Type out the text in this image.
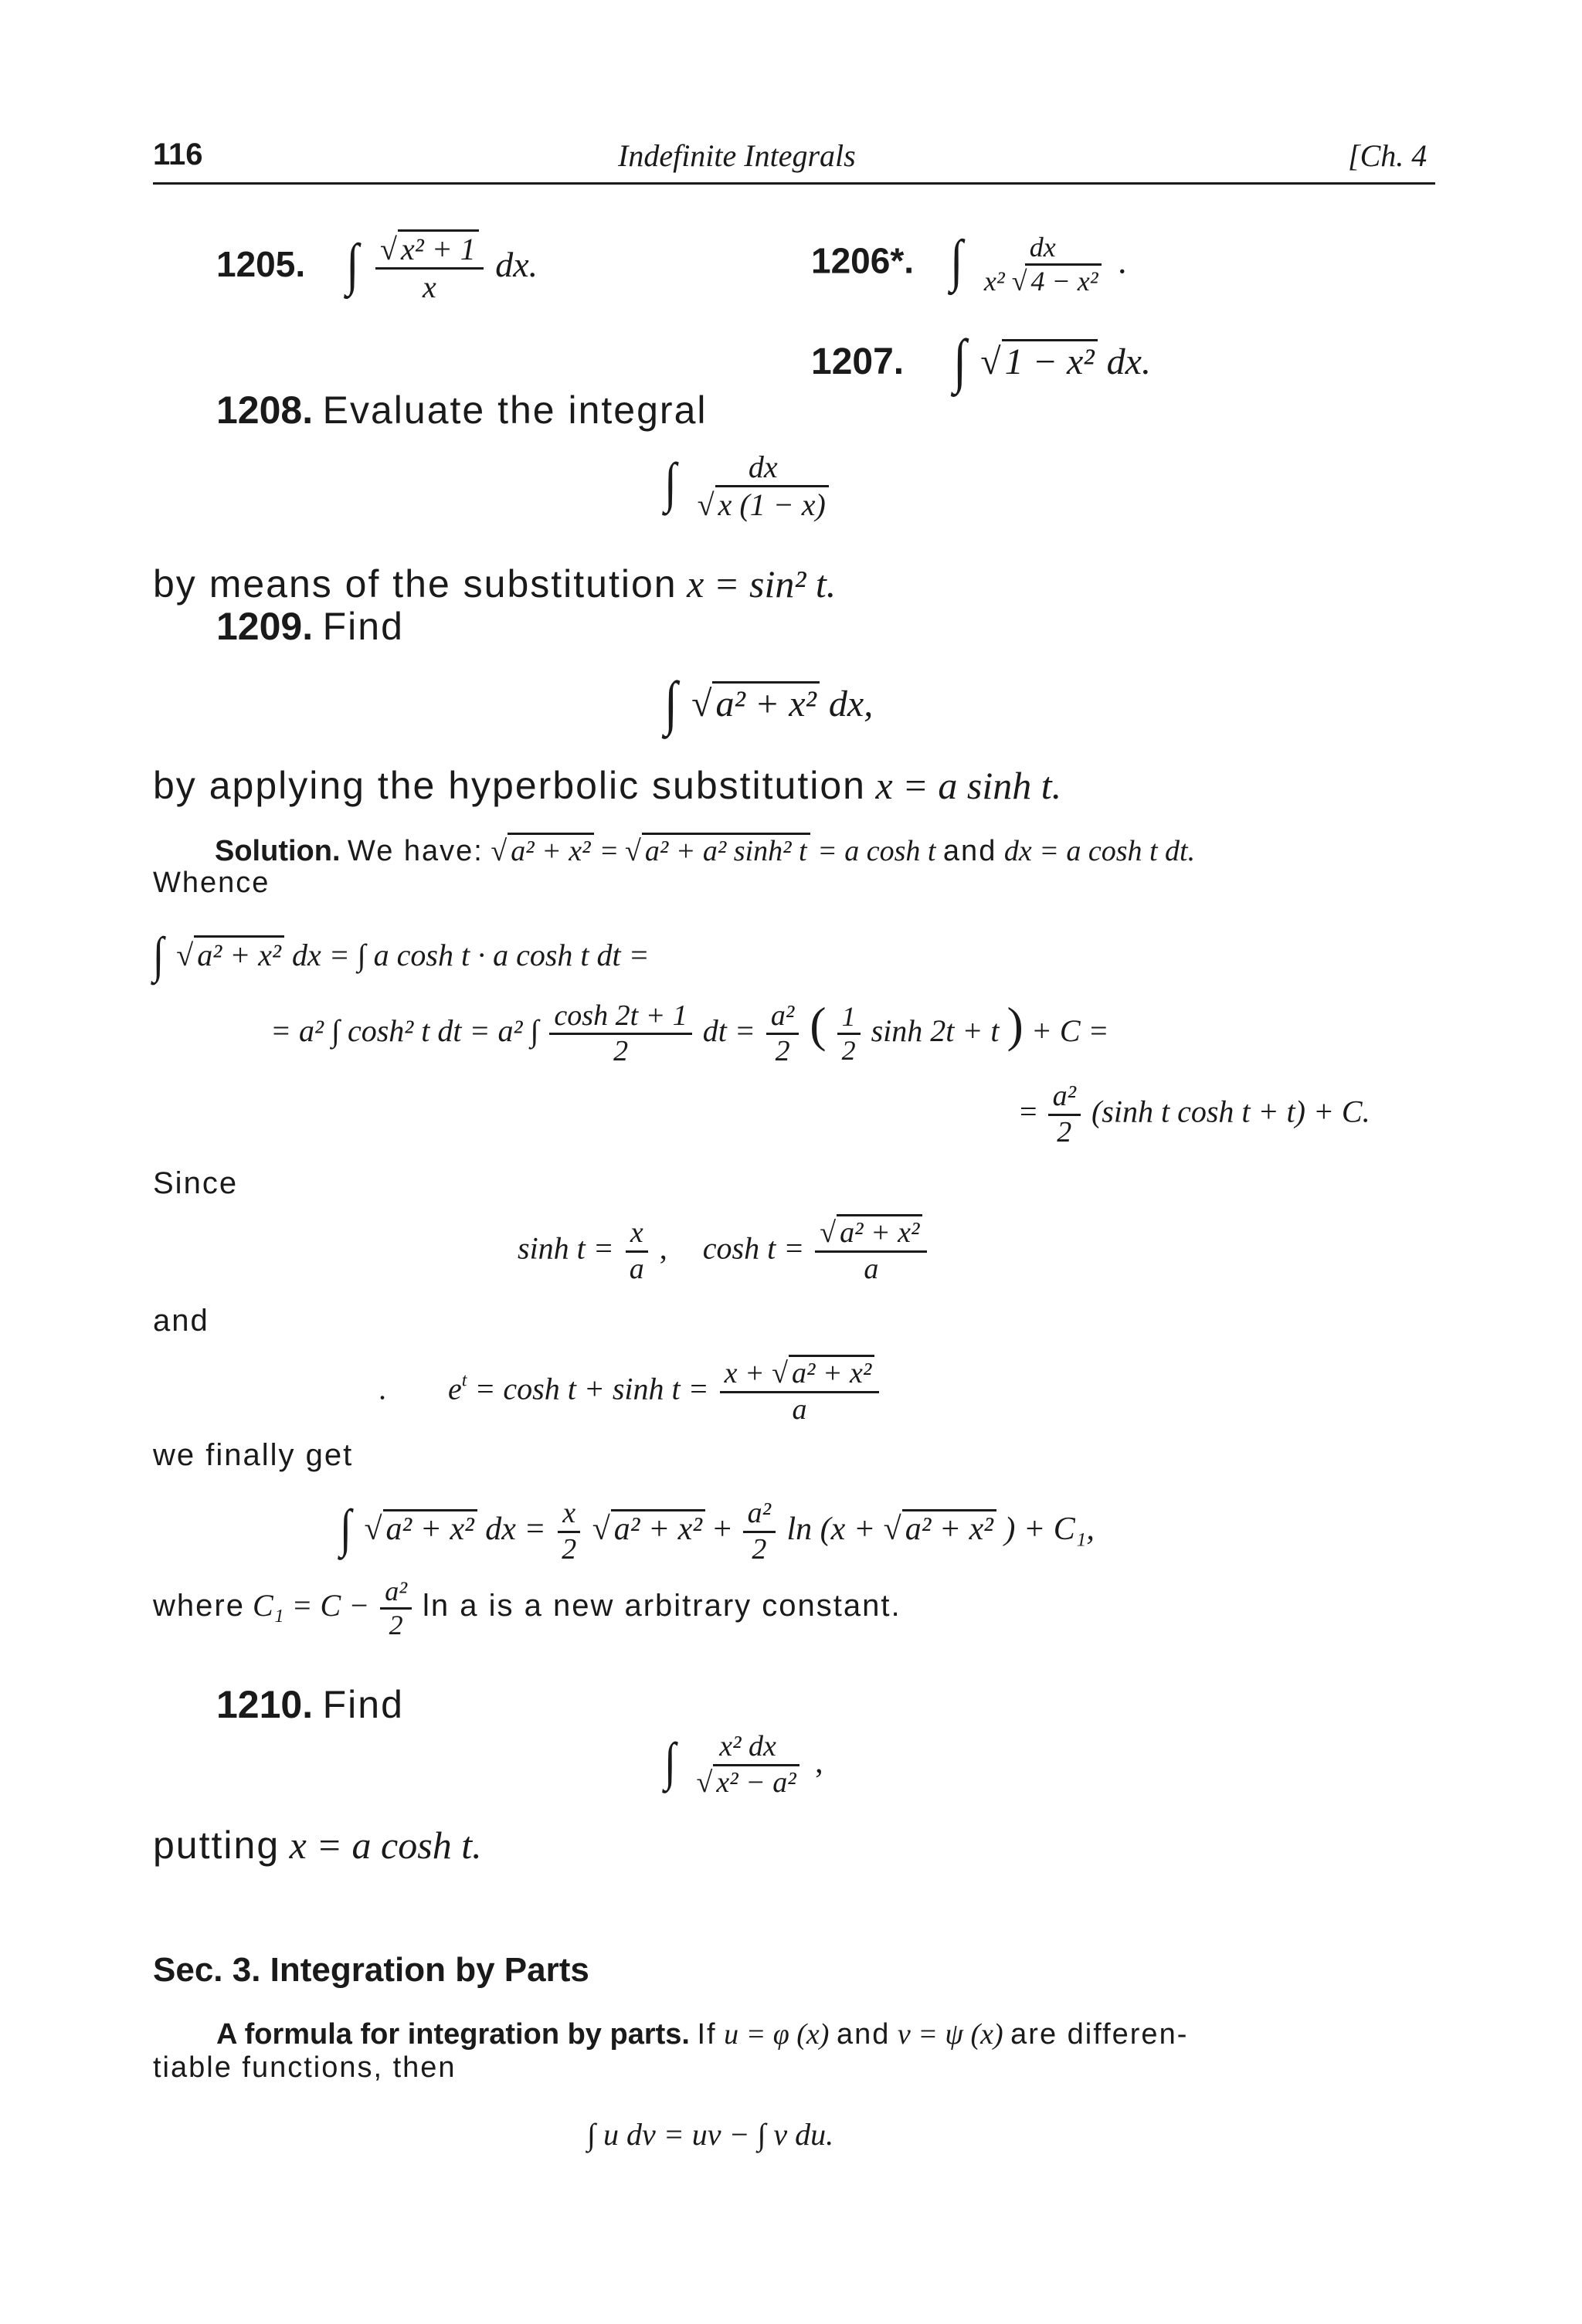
116	Indefinite Integrals	[Ch. 4
1205. ∫ $\frac{\text{√ x² + 1}}{x}$ dx.	1206*. ∫ $\frac{dx}{\text{x² √ 4 − x²}}$ .
1207. ∫ √ 1 − x² dx.
1208. Evaluate the integral
∫ $\frac{dx}{√ x (1 - x)}$
by means of the substitution x = sin² t.
1209. Find
∫ √ a² + x² dx,
by applying the hyperbolic substitution x = a sinh t.
Solution. We have: √ a² + x² = √ a² + a² sinh² t = a cosh t and dx = a cosh t dt.
Whence
∫ √ a² + x² dx = ∫ a cosh t · a cosh t dt =
= a² ∫ cosh² t dt = a² ∫ $\frac{\cosh 2t + 1}{2}$ dt = $\frac{\text{a²}}{2}$ ( $\frac{1}{2}$ sinh 2t + t ) + C =
= $\frac{\text{a²}}{2} (\sinh$ t cosh t + t) + C.
Since
$\sinh t = \frac{x}{a}$ , $\cosh t = \frac{\text{√ a² + x²}}{a}$
and
. $e^t = \cosh t + \sinh t = \frac{\text{x + √ a² + x²}}{a}$
we finally get
∫ √ a² + x² dx = $\frac{x}{2}$ √ $a^2 + x^2 + \frac{\text{a²}}{2}$ ln (x + √ a² + x² ) + C₁,
where $C_1 = C - \frac{\text{a²}}{2}$ ln a is a new arbitrary constant.
1210. Find
∫ $\frac{\text{x² dx}}{\text{√ x² − a²}}$ ,
putting x = a cosh t.
Sec. 3. Integration by Parts
A formula for integration by parts. If u = φ (x) and v = ψ (x) are differen-
tiable functions, then
∫ u dv = uv − ∫ v du.
